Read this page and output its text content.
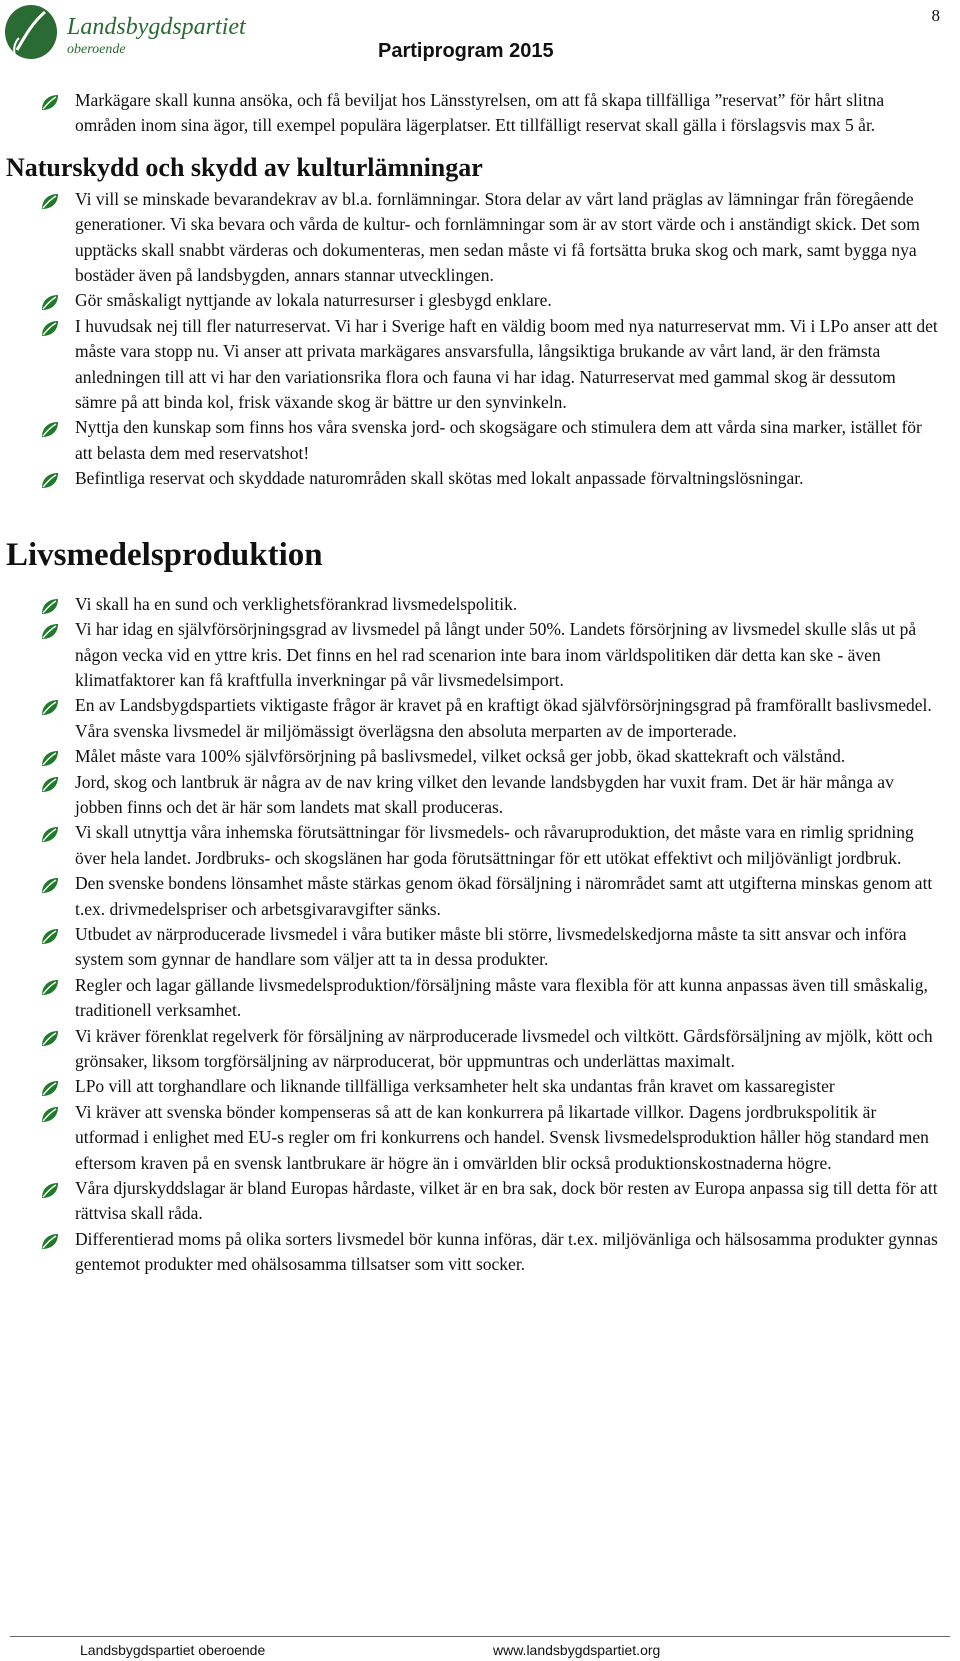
Landsbygdspartiet
oberoende	Partiprogram 2015
8
Markägare skall kunna ansöka, och få beviljat hos Länsstyrelsen, om att få skapa tillfälliga ”reservat” för hårt slitna områden inom sina ägor, till exempel populära lägerplatser. Ett tillfälligt reservat skall gälla i förslagsvis max 5 år.
Naturskydd och skydd av kulturlämningar
Vi vill se minskade bevarandekrav av bl.a. fornlämningar. Stora delar av vårt land präglas av lämningar från föregående generationer. Vi ska bevara och vårda de kultur- och fornlämningar som är av stort värde och i anständigt skick. Det som upptäcks skall snabbt värderas och dokumenteras, men sedan måste vi få fortsätta bruka skog och mark, samt bygga nya bostäder även på landsbygden, annars stannar utvecklingen.
Gör småskaligt nyttjande av lokala naturresurser i glesbygd enklare.
I huvudsak nej till fler naturreservat. Vi har i Sverige haft en väldig boom med nya naturreservat mm. Vi i LPo anser att det måste vara stopp nu. Vi anser att privata markägares ansvarsfulla, långsiktiga brukande av vårt land, är den främsta anledningen till att vi har den variationsrika flora och fauna vi har idag. Naturreservat med gammal skog är dessutom sämre på att binda kol, frisk växande skog är bättre ur den synvinkeln.
Nyttja den kunskap som finns hos våra svenska jord- och skogsägare och stimulera dem att vårda sina marker, istället för att belasta dem med reservatshot!
Befintliga reservat och skyddade naturområden skall skötas med lokalt anpassade förvaltningslösningar.
Livsmedelsproduktion
Vi skall ha en sund och verklighetsförankrad livsmedelspolitik.
Vi har idag en självförsörjningsgrad av livsmedel på långt under 50%. Landets försörjning av livsmedel skulle slås ut på någon vecka vid en yttre kris. Det finns en hel rad scenarion inte bara inom världspolitiken där detta kan ske - även klimatfaktorer kan få kraftfulla inverkningar på vår livsmedelsimport.
En av Landsbygdspartiets viktigaste frågor är kravet på en kraftigt ökad självförsörjningsgrad på framförallt baslivsmedel. Våra svenska livsmedel är miljömässigt överlägsna den absoluta merparten av de importerade.
Målet måste vara 100% självförsörjning på baslivsmedel, vilket också ger jobb, ökad skattekraft och välstånd.
Jord, skog och lantbruk är några av de nav kring vilket den levande landsbygden har vuxit fram. Det är här många av jobben finns och det är här som landets mat skall produceras.
Vi skall utnyttja våra inhemska förutsättningar för livsmedels- och råvaruproduktion, det måste vara en rimlig spridning över hela landet. Jordbruks- och skogslänen har goda förutsättningar för ett utökat effektivt och miljövänligt jordbruk.
Den svenske bondens lönsamhet måste stärkas genom ökad försäljning i närområdet samt att utgifterna minskas genom att t.ex. drivmedelspriser och arbetsgivaravgifter sänks.
Utbudet av närproducerade livsmedel i våra butiker måste bli större, livsmedelskedjorna måste ta sitt ansvar och införa system som gynnar de handlare som väljer att ta in dessa produkter.
Regler och lagar gällande livsmedelsproduktion/försäljning måste vara flexibla för att kunna anpassas även till småskalig, traditionell verksamhet.
Vi kräver förenklat regelverk för försäljning av närproducerade livsmedel och viltkött. Gårdsförsäljning av mjölk, kött och grönsaker, liksom torgförsäljning av närproducerat, bör uppmuntras och underlättas maximalt.
LPo vill att torghandlare och liknande tillfälliga verksamheter helt ska undantas från kravet om kassaregister
Vi kräver att svenska bönder kompenseras så att de kan konkurrera på likartade villkor. Dagens jordbrukspolitik är utformad i enlighet med EU-s regler om fri konkurrens och handel. Svensk livsmedelsproduktion håller hög standard men eftersom kraven på en svensk lantbrukare är högre än i omvärlden blir också produktionskostnaderna högre.
Våra djurskyddslagar är bland Europas hårdaste, vilket är en bra sak, dock bör resten av Europa anpassa sig till detta för att rättvisa skall råda.
Differentierad moms på olika sorters livsmedel bör kunna införas, där t.ex. miljövänliga och hälsosamma produkter gynnas gentemot produkter med ohälsosamma tillsatser som vitt socker.
Landsbygdspartiet oberoende	www.landsbygdspartiet.org
